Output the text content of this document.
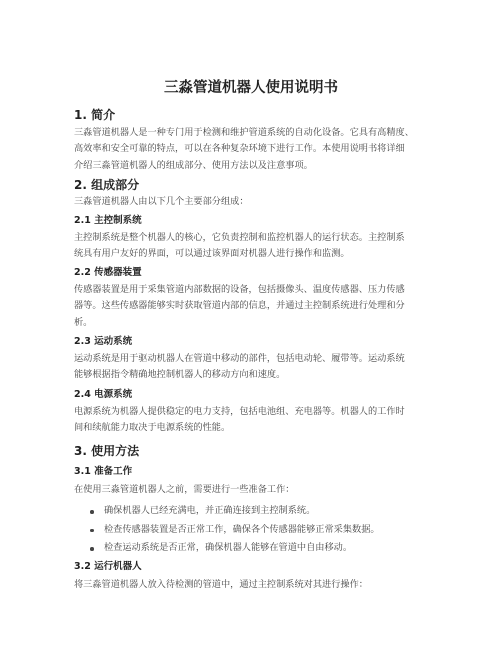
三淼管道机器人使用说明书
1. 简介
三淼管道机器人是一种专门用于检测和维护管道系统的自动化设备。它具有高精度、
高效率和安全可靠的特点，可以在各种复杂环境下进行工作。本使用说明书将详细
介绍三淼管道机器人的组成部分、使用方法以及注意事项。
2. 组成部分
三淼管道机器人由以下几个主要部分组成：
2.1 主控制系统
主控制系统是整个机器人的核心，它负责控制和监控机器人的运行状态。主控制系
统具有用户友好的界面，可以通过该界面对机器人进行操作和监测。
2.2 传感器装置
传感器装置是用于采集管道内部数据的设备，包括摄像头、温度传感器、压力传感
器等。这些传感器能够实时获取管道内部的信息，并通过主控制系统进行处理和分
析。
2.3 运动系统
运动系统是用于驱动机器人在管道中移动的部件，包括电动轮、履带等。运动系统
能够根据指令精确地控制机器人的移动方向和速度。
2.4 电源系统
电源系统为机器人提供稳定的电力支持，包括电池组、充电器等。机器人的工作时
间和续航能力取决于电源系统的性能。
3. 使用方法
3.1 准备工作
在使用三淼管道机器人之前，需要进行一些准备工作：
确保机器人已经充满电，并正确连接到主控制系统。
检查传感器装置是否正常工作，确保各个传感器能够正常采集数据。
检查运动系统是否正常，确保机器人能够在管道中自由移动。
3.2 运行机器人
将三淼管道机器人放入待检测的管道中，通过主控制系统对其进行操作：
